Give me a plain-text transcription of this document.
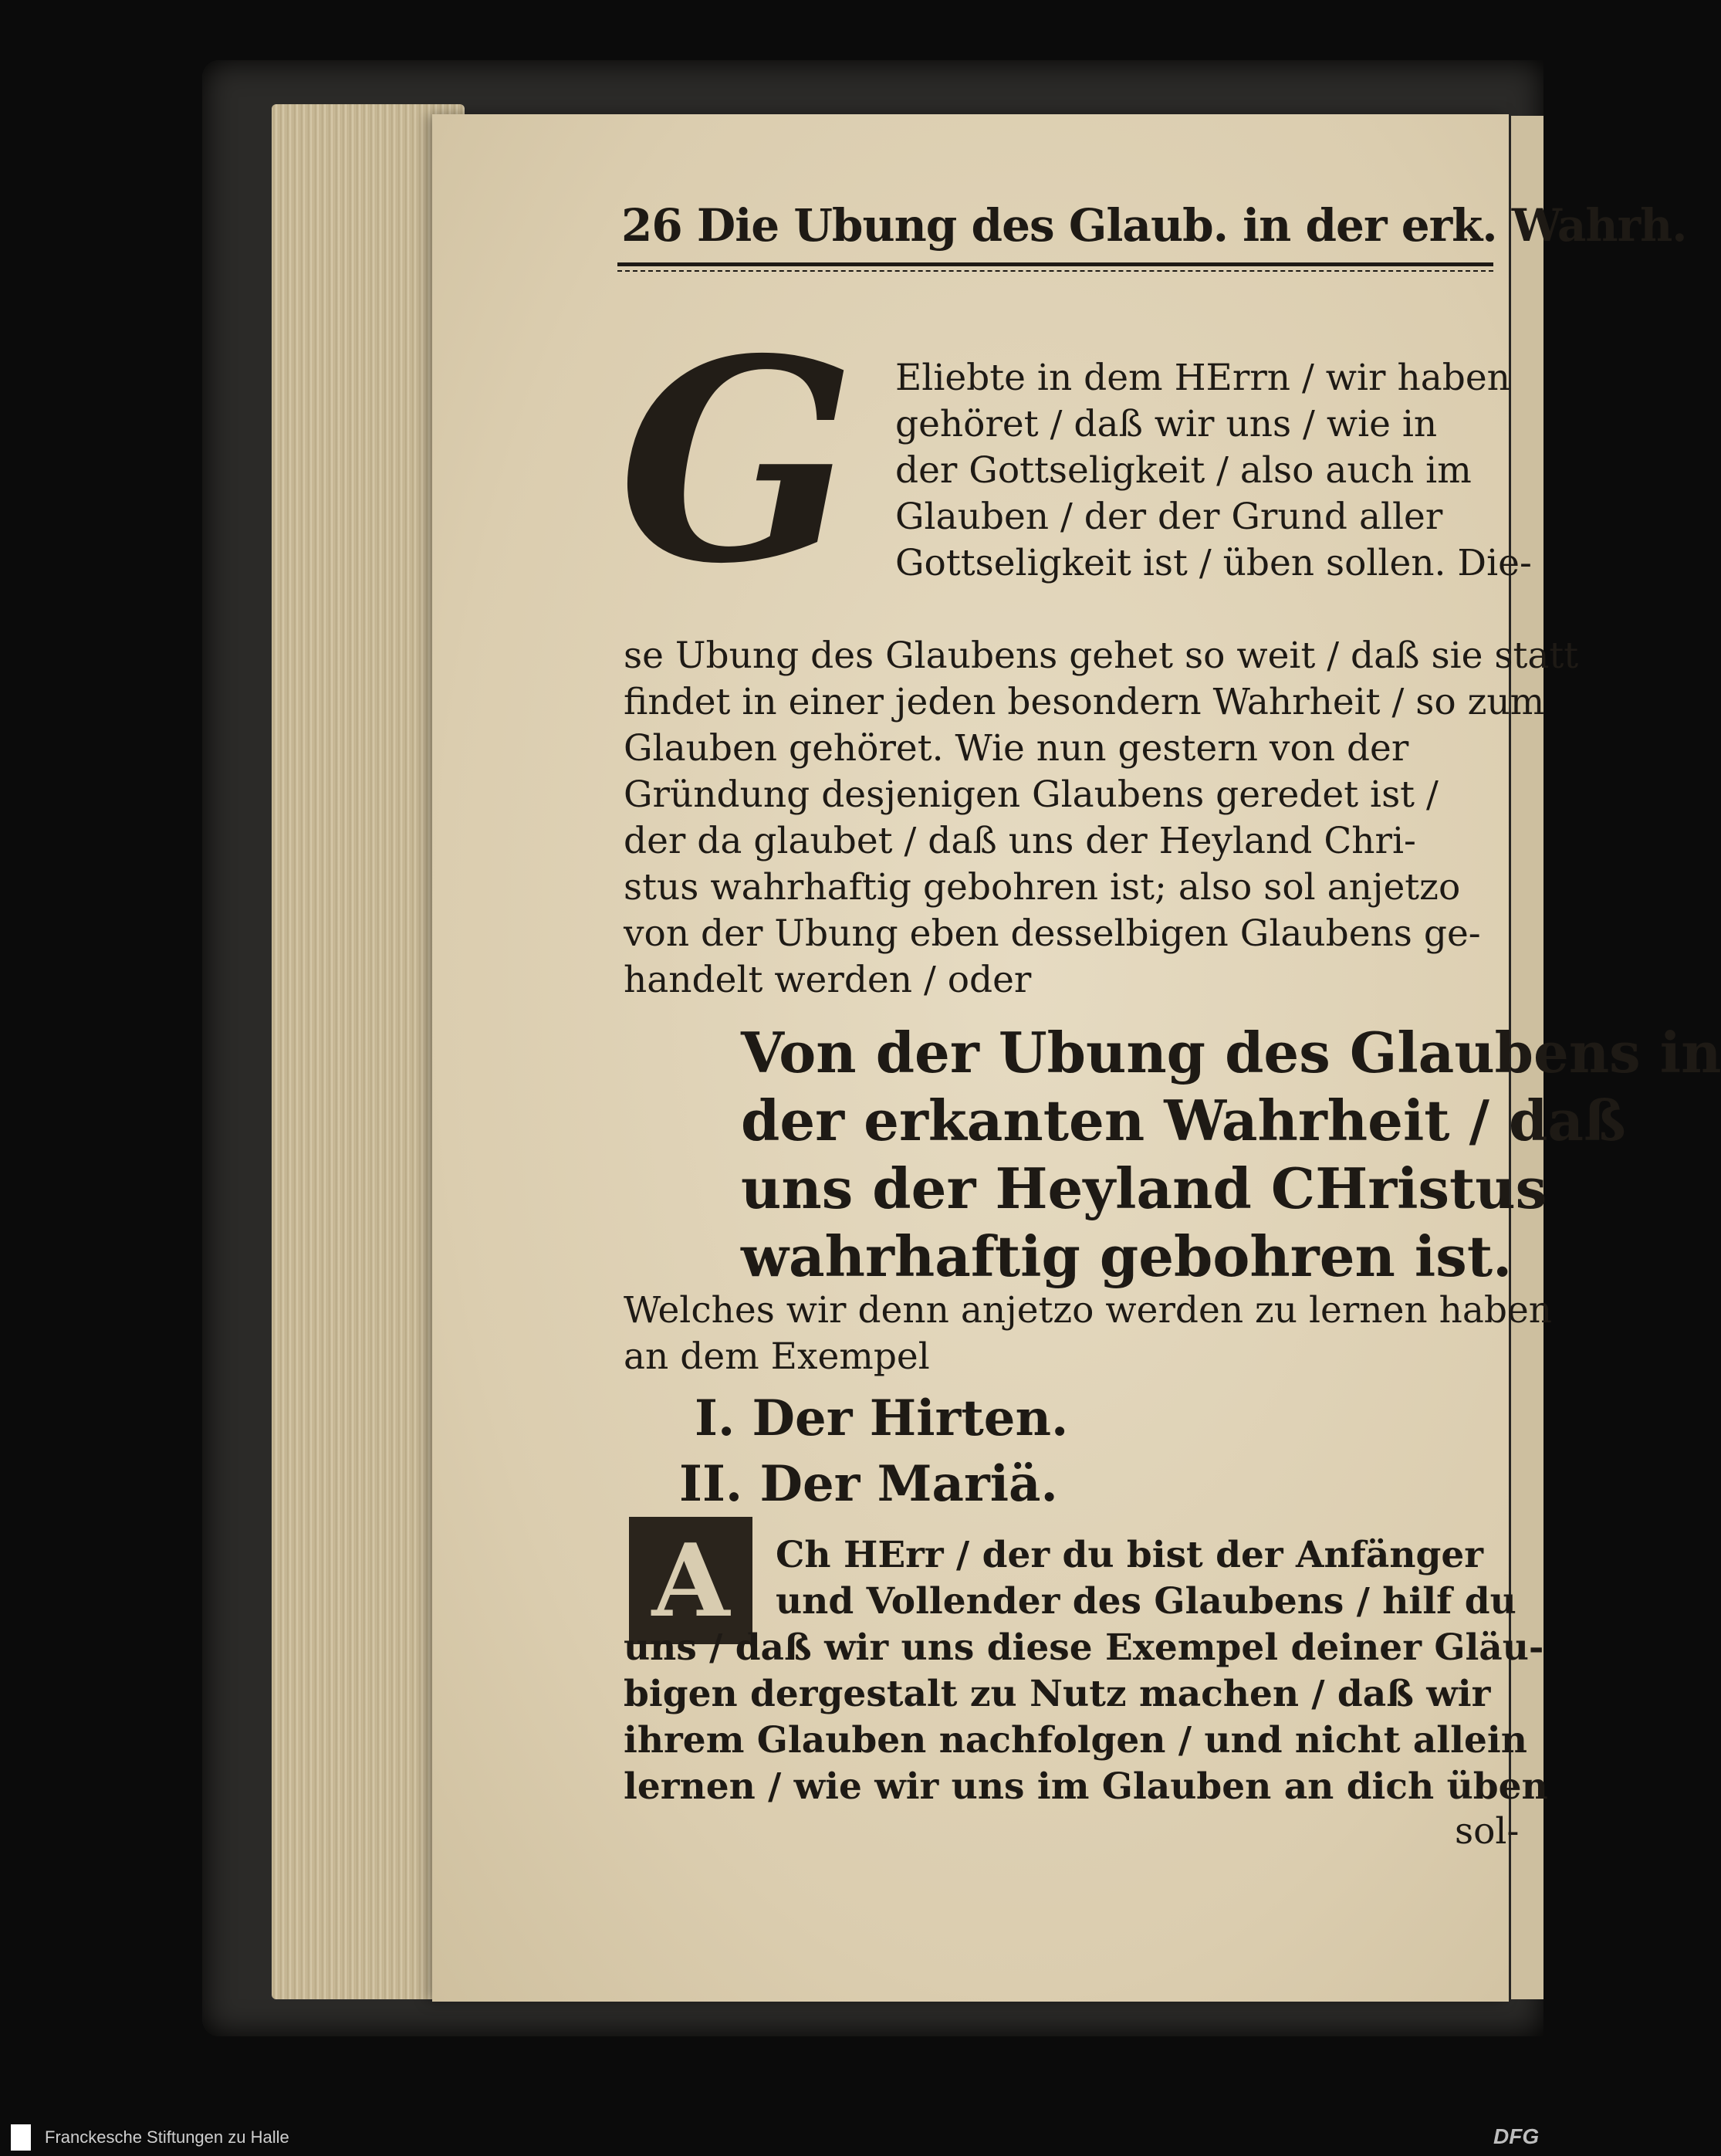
26 Die Ubung des Glaub. in der erk. Wahrh.
G Eliebte in dem HErrn / wir haben
gehöret / daß wir uns / wie in
der Gottseligkeit / also auch im
Glauben / der der Grund aller
Gottseligkeit ist / üben sollen. Die-
se Ubung des Glaubens gehet so weit / daß sie statt
findet in einer jeden besondern Wahrheit / so zum
Glauben gehöret. Wie nun gestern von der
Gründung desjenigen Glaubens geredet ist /
der da glaubet / daß uns der Heyland Chri-
stus wahrhaftig gebohren ist; also sol anjetzo
von der Ubung eben desselbigen Glaubens ge-
handelt werden / oder
Von der Ubung des Glaubens in
der erkanten Wahrheit / daß
uns der Heyland CHristus
wahrhaftig gebohren ist.
Welches wir denn anjetzo werden zu lernen haben
an dem Exempel
I. Der Hirten.
II. Der Mariä.
A	Ch HErr / der du bist der Anfänger
und Vollender des Glaubens / hilf du
uns / daß wir uns diese Exempel deiner Gläu-
bigen dergestalt zu Nutz machen / daß wir
ihrem Glauben nachfolgen / und nicht allein
lernen / wie wir uns im Glauben an dich üben
sol-
Franckesche Stiftungen zu Halle	DFG
